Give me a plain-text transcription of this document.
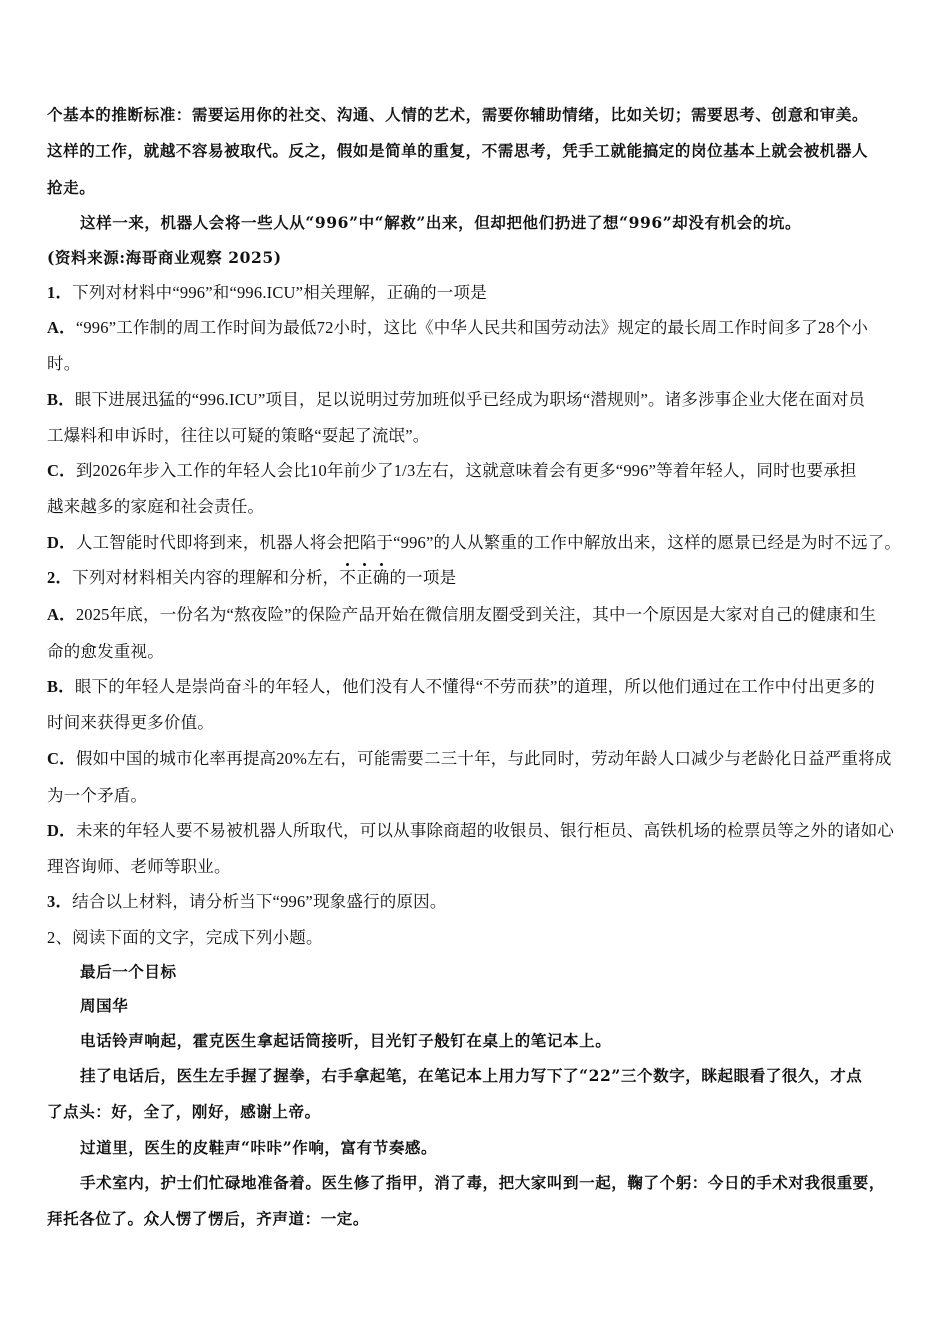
个基本的推断标准：需要运用你的社交、沟通、人情的艺术，需要你辅助情绪，比如关切；需要思考、创意和审美。
这样的工作，就越不容易被取代。反之，假如是简单的重复，不需思考，凭手工就能搞定的岗位基本上就会被机器人
抢走。
这样一来，机器人会将一些人从“996”中“解救”出来，但却把他们扔进了想“996”却没有机会的坑。
(资料来源:海哥商业观察 2025)
1．下列对材料中“996”和“996.ICU”相关理解，正确的一项是
A．“996”工作制的周工作时间为最低72小时，这比《中华人民共和国劳动法》规定的最长周工作时间多了28个小
时。
B．眼下进展迅猛的“996.ICU”项目，足以说明过劳加班似乎已经成为职场“潜规则”。诸多涉事企业大佬在面对员
工爆料和申诉时，往往以可疑的策略“耍起了流氓”。
C．到2026年步入工作的年轻人会比10年前少了1/3左右，这就意味着会有更多“996”等着年轻人，同时也要承担
越来越多的家庭和社会责任。
D．人工智能时代即将到来，机器人将会把陷于“996”的人从繁重的工作中解放出来，这样的愿景已经是为时不远了。
2．下列对材料相关内容的理解和分析，不正确的一项是
A．2025年底，一份名为“熬夜险”的保险产品开始在微信朋友圈受到关注，其中一个原因是大家对自己的健康和生
命的愈发重视。
B．眼下的年轻人是崇尚奋斗的年轻人，他们没有人不懂得“不劳而获”的道理，所以他们通过在工作中付出更多的
时间来获得更多价值。
C．假如中国的城市化率再提高20%左右，可能需要二三十年，与此同时，劳动年龄人口减少与老龄化日益严重将成
为一个矛盾。
D．未来的年轻人要不易被机器人所取代，可以从事除商超的收银员、银行柜员、高铁机场的检票员等之外的诸如心
理咨询师、老师等职业。
3．结合以上材料，请分析当下“996”现象盛行的原因。
2、阅读下面的文字，完成下列小题。
最后一个目标
周国华
电话铃声响起，霍克医生拿起话筒接听，目光钉子般钉在桌上的笔记本上。
挂了电话后，医生左手握了握拳，右手拿起笔，在笔记本上用力写下了“22”三个数字，眯起眼看了很久，才点
了点头：好，全了，刚好，感谢上帝。
过道里，医生的皮鞋声“咔咔”作响，富有节奏感。
手术室内，护士们忙碌地准备着。医生修了指甲，消了毒，把大家叫到一起，鞠了个躬：今日的手术对我很重要，
拜托各位了。众人愣了愣后，齐声道：一定。
